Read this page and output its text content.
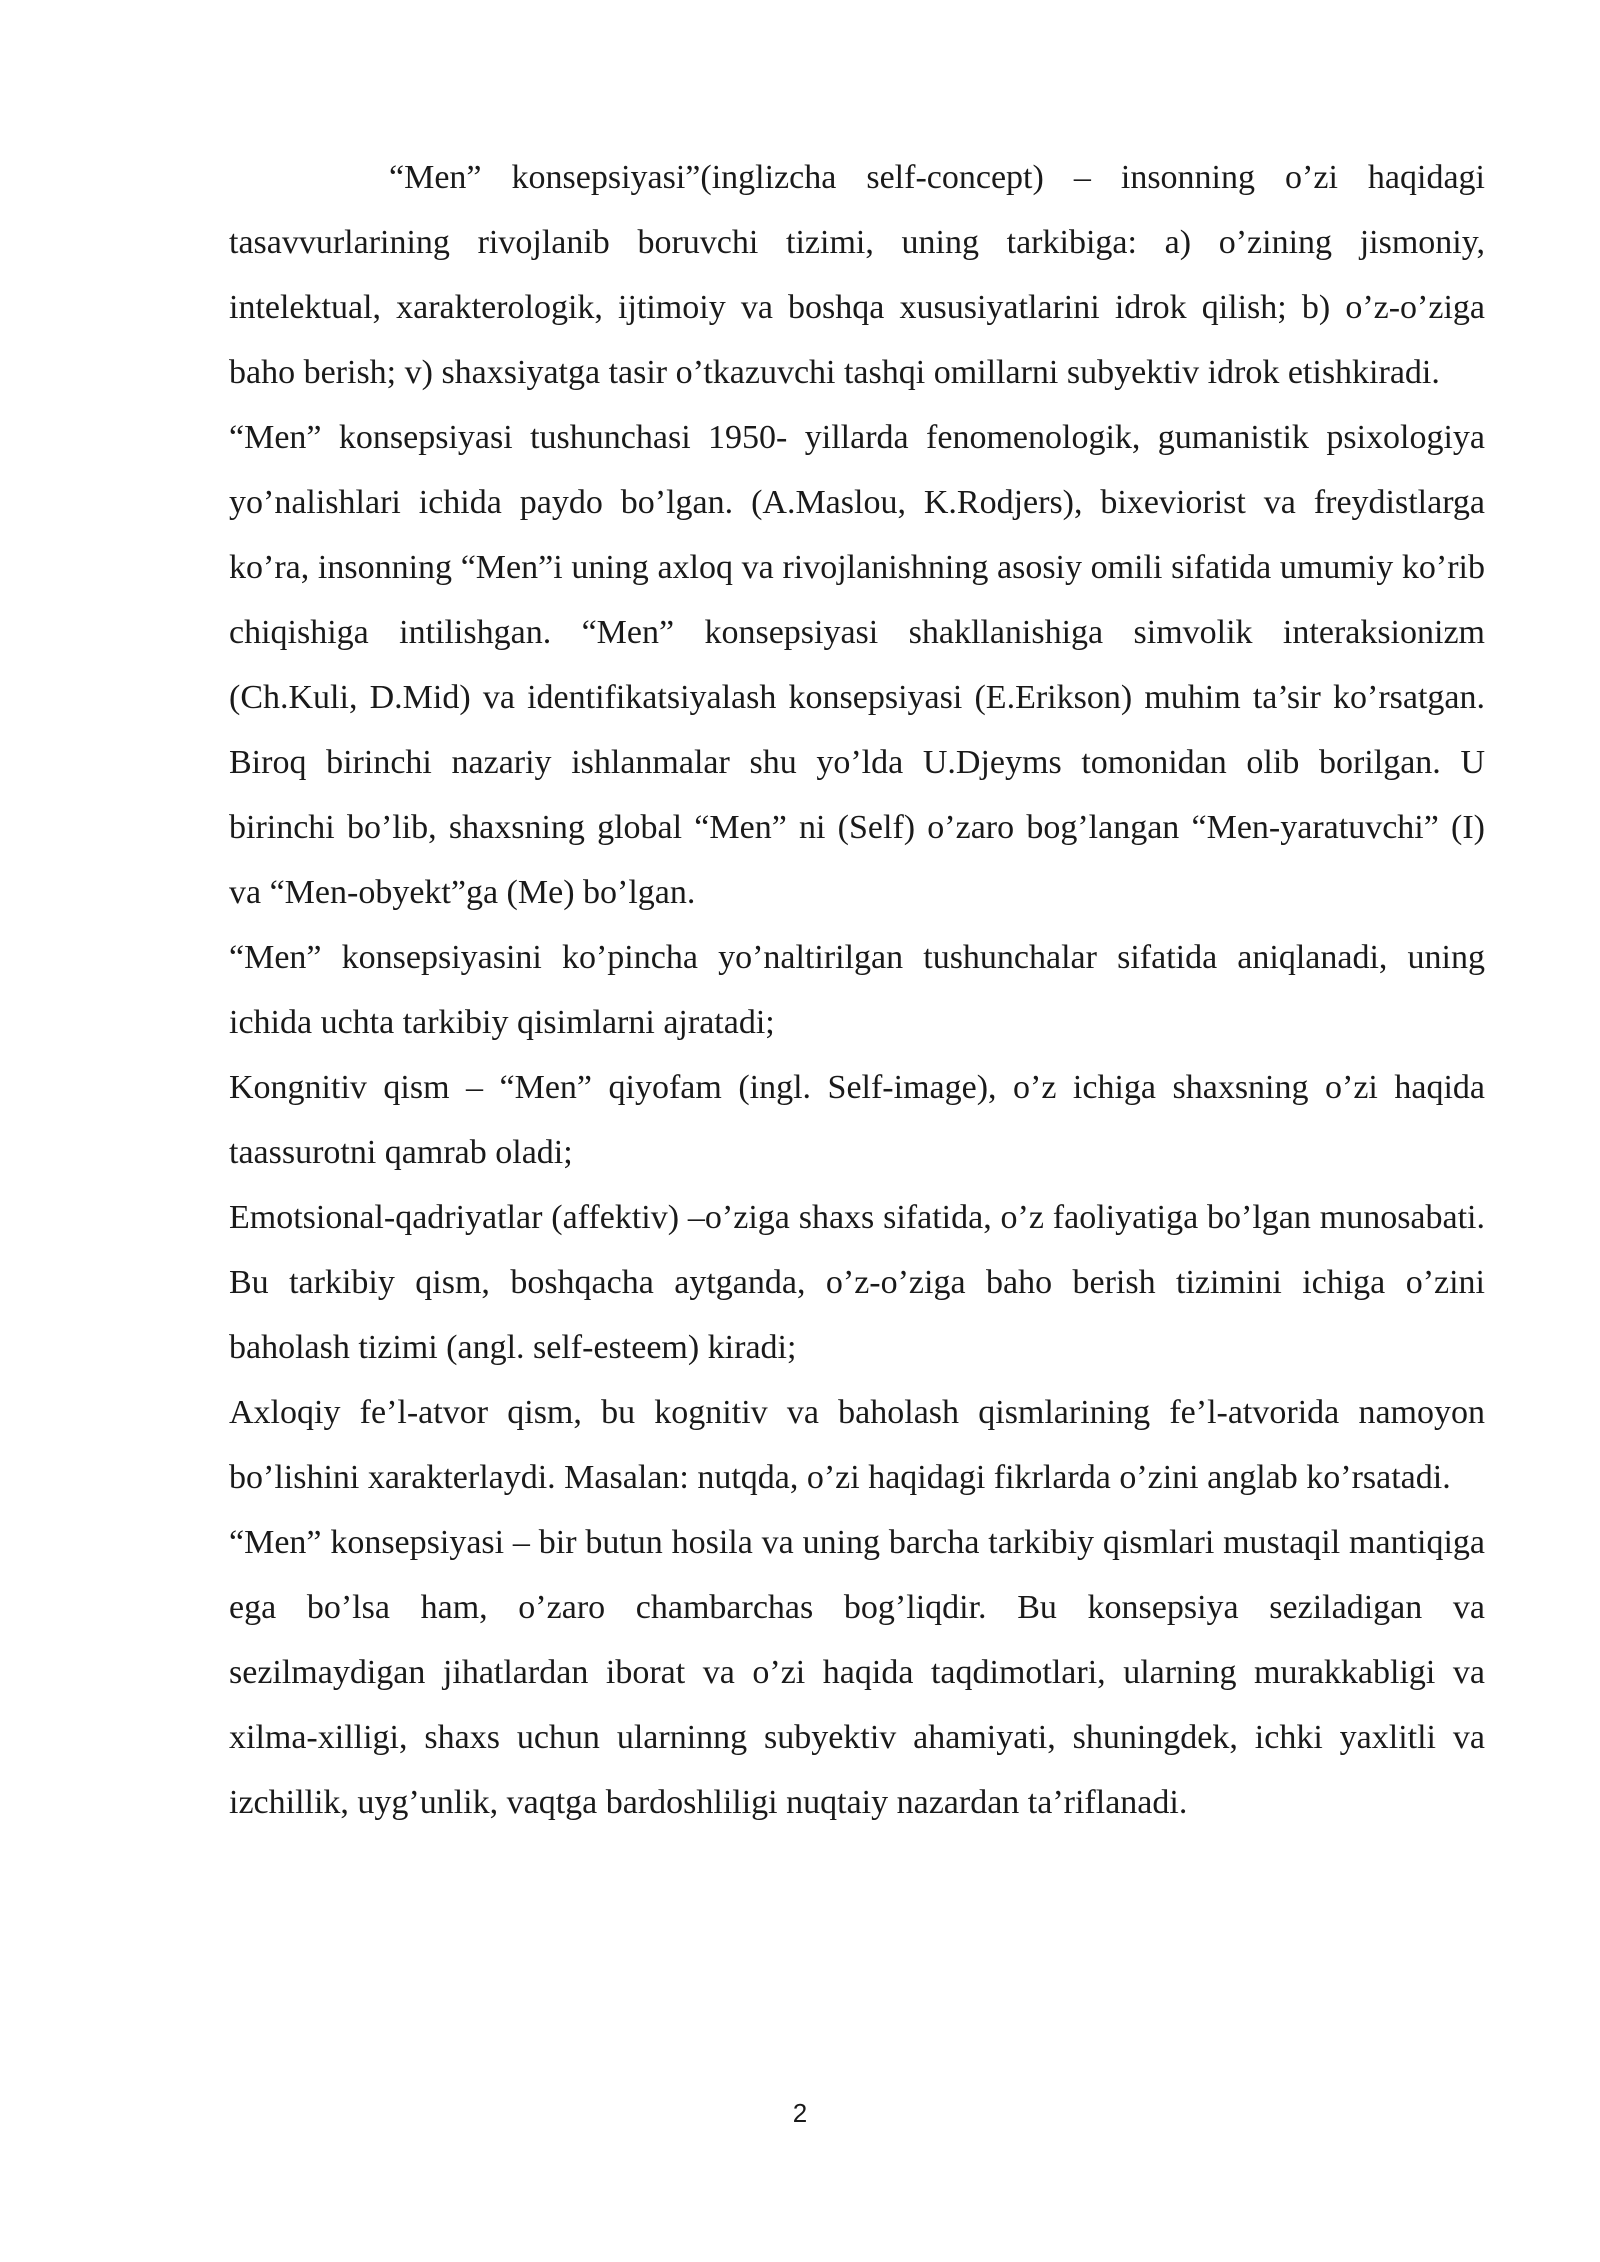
“Men” konsepsiyasi”(inglizcha self-concept) – insonning o’zi haqidagi tasavvurlarining rivojlanib boruvchi tizimi, uning tarkibiga: a) o’zining jismoniy, intelektual, xarakterologik, ijtimoiy va boshqa xususiyatlarini idrok qilish; b) o’z-o’ziga baho berish; v) shaxsiyatga tasir o’tkazuvchi tashqi omillarni subyektiv idrok etishkiradi.

“Men” konsepsiyasi tushunchasi 1950- yillarda fenomenologik, gumanistik psixologiya yo’nalishlari ichida paydo bo’lgan. (A.Maslou, K.Rodjers), bixeviorist va freydistlarga ko’ra, insonning “Men”i uning axloq va rivojlanishning asosiy omili sifatida umumiy ko’rib chiqishiga intilishgan. “Men” konsepsiyasi shakllanishiga simvolik interaksionizm (Ch.Kuli, D.Mid) va identifikatsiyalash konsepsiyasi (E.Erikson) muhim ta’sir ko’rsatgan. Biroq birinchi nazariy ishlanmalar shu yo’lda U.Djeyms tomonidan olib borilgan. U birinchi bo’lib, shaxsning global “Men” ni (Self) o’zaro bog’langan “Men-yaratuvchi” (I) va “Men-obyekt”ga (Me) bo’lgan.

“Men” konsepsiyasini ko’pincha yo’naltirilgan tushunchalar sifatida aniqlanadi, uning ichida uchta tarkibiy qisimlarni ajratadi;

Kongnitiv qism – “Men” qiyofam (ingl. Self-image), o’z ichiga shaxsning o’zi haqida taassurotni qamrab oladi;

Emotsional-qadriyatlar (affektiv) –o’ziga shaxs sifatida, o’z faoliyatiga bo’lgan munosabati. Bu tarkibiy qism, boshqacha aytganda, o’z-o’ziga baho berish tizimini ichiga o’zini baholash tizimi (angl. self-esteem) kiradi;

Axloqiy fe’l-atvor qism, bu kognitiv va baholash qismlarining fe’l-atvorida namoyon bo’lishini xarakterlaydi. Masalan: nutqda, o’zi haqidagi fikrlarda o’zini anglab ko’rsatadi.

“Men” konsepsiyasi – bir butun hosila va uning barcha tarkibiy qismlari mustaqil mantiqiga ega bo’lsa ham, o’zaro chambarchas bog’liqdir. Bu konsepsiya seziladigan va sezilmaydigan jihatlardan iborat va o’zi haqida taqdimotlari, ularning murakkabligi va xilma-xilligi, shaxs uchun ularninng subyektiv ahamiyati, shuningdek, ichki yaxlitli va izchillik, uyg’unlik, vaqtga bardoshliligi nuqtaiy nazardan ta’riflanadi.

2
